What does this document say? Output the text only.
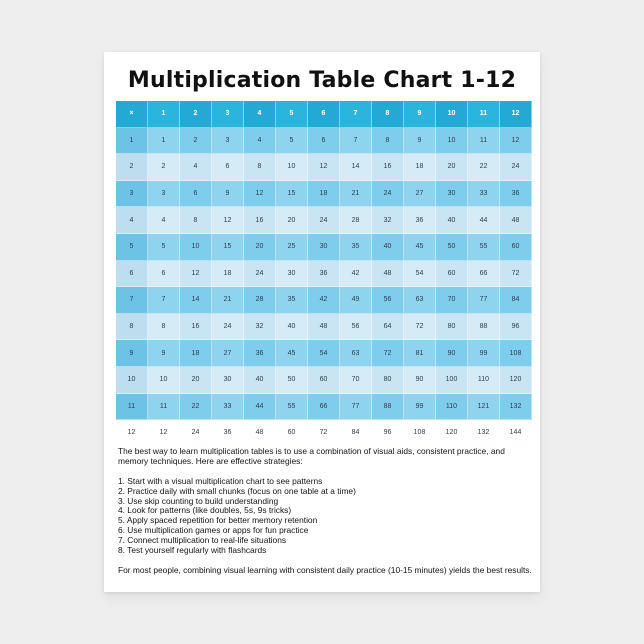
Multiplication Table Chart 1-12
×	1	2	3	4	5	6	7	8	9	10	11	12
1	1	2	3	4	5	6	7	8	9	10	11	12
2	2	4	6	8	10	12	14	16	18	20	22	24
3	3	6	9	12	15	18	21	24	27	30	33	36
4	4	8	12	16	20	24	28	32	36	40	44	48
5	5	10	15	20	25	30	35	40	45	50	55	60
6	6	12	18	24	30	36	42	48	54	60	66	72
7	7	14	21	28	35	42	49	56	63	70	77	84
8	8	16	24	32	40	48	56	64	72	80	88	96
9	9	18	27	36	45	54	63	72	81	90	99	108
10	10	20	30	40	50	60	70	80	90	100	110	120
11	11	22	33	44	55	66	77	88	99	110	121	132
12	12	24	36	48	60	72	84	96	108	120	132	144

The best way to learn multiplication tables is to use a combination of visual aids, consistent practice, and memory techniques. Here are effective strategies:

1. Start with a visual multiplication chart to see patterns
2. Practice daily with small chunks (focus on one table at a time)
3. Use skip counting to build understanding
4. Look for patterns (like doubles, 5s, 9s tricks)
5. Apply spaced repetition for better memory retention
6. Use multiplication games or apps for fun practice
7. Connect multiplication to real-life situations
8. Test yourself regularly with flashcards

For most people, combining visual learning with consistent daily practice (10-15 minutes) yields the best results.
